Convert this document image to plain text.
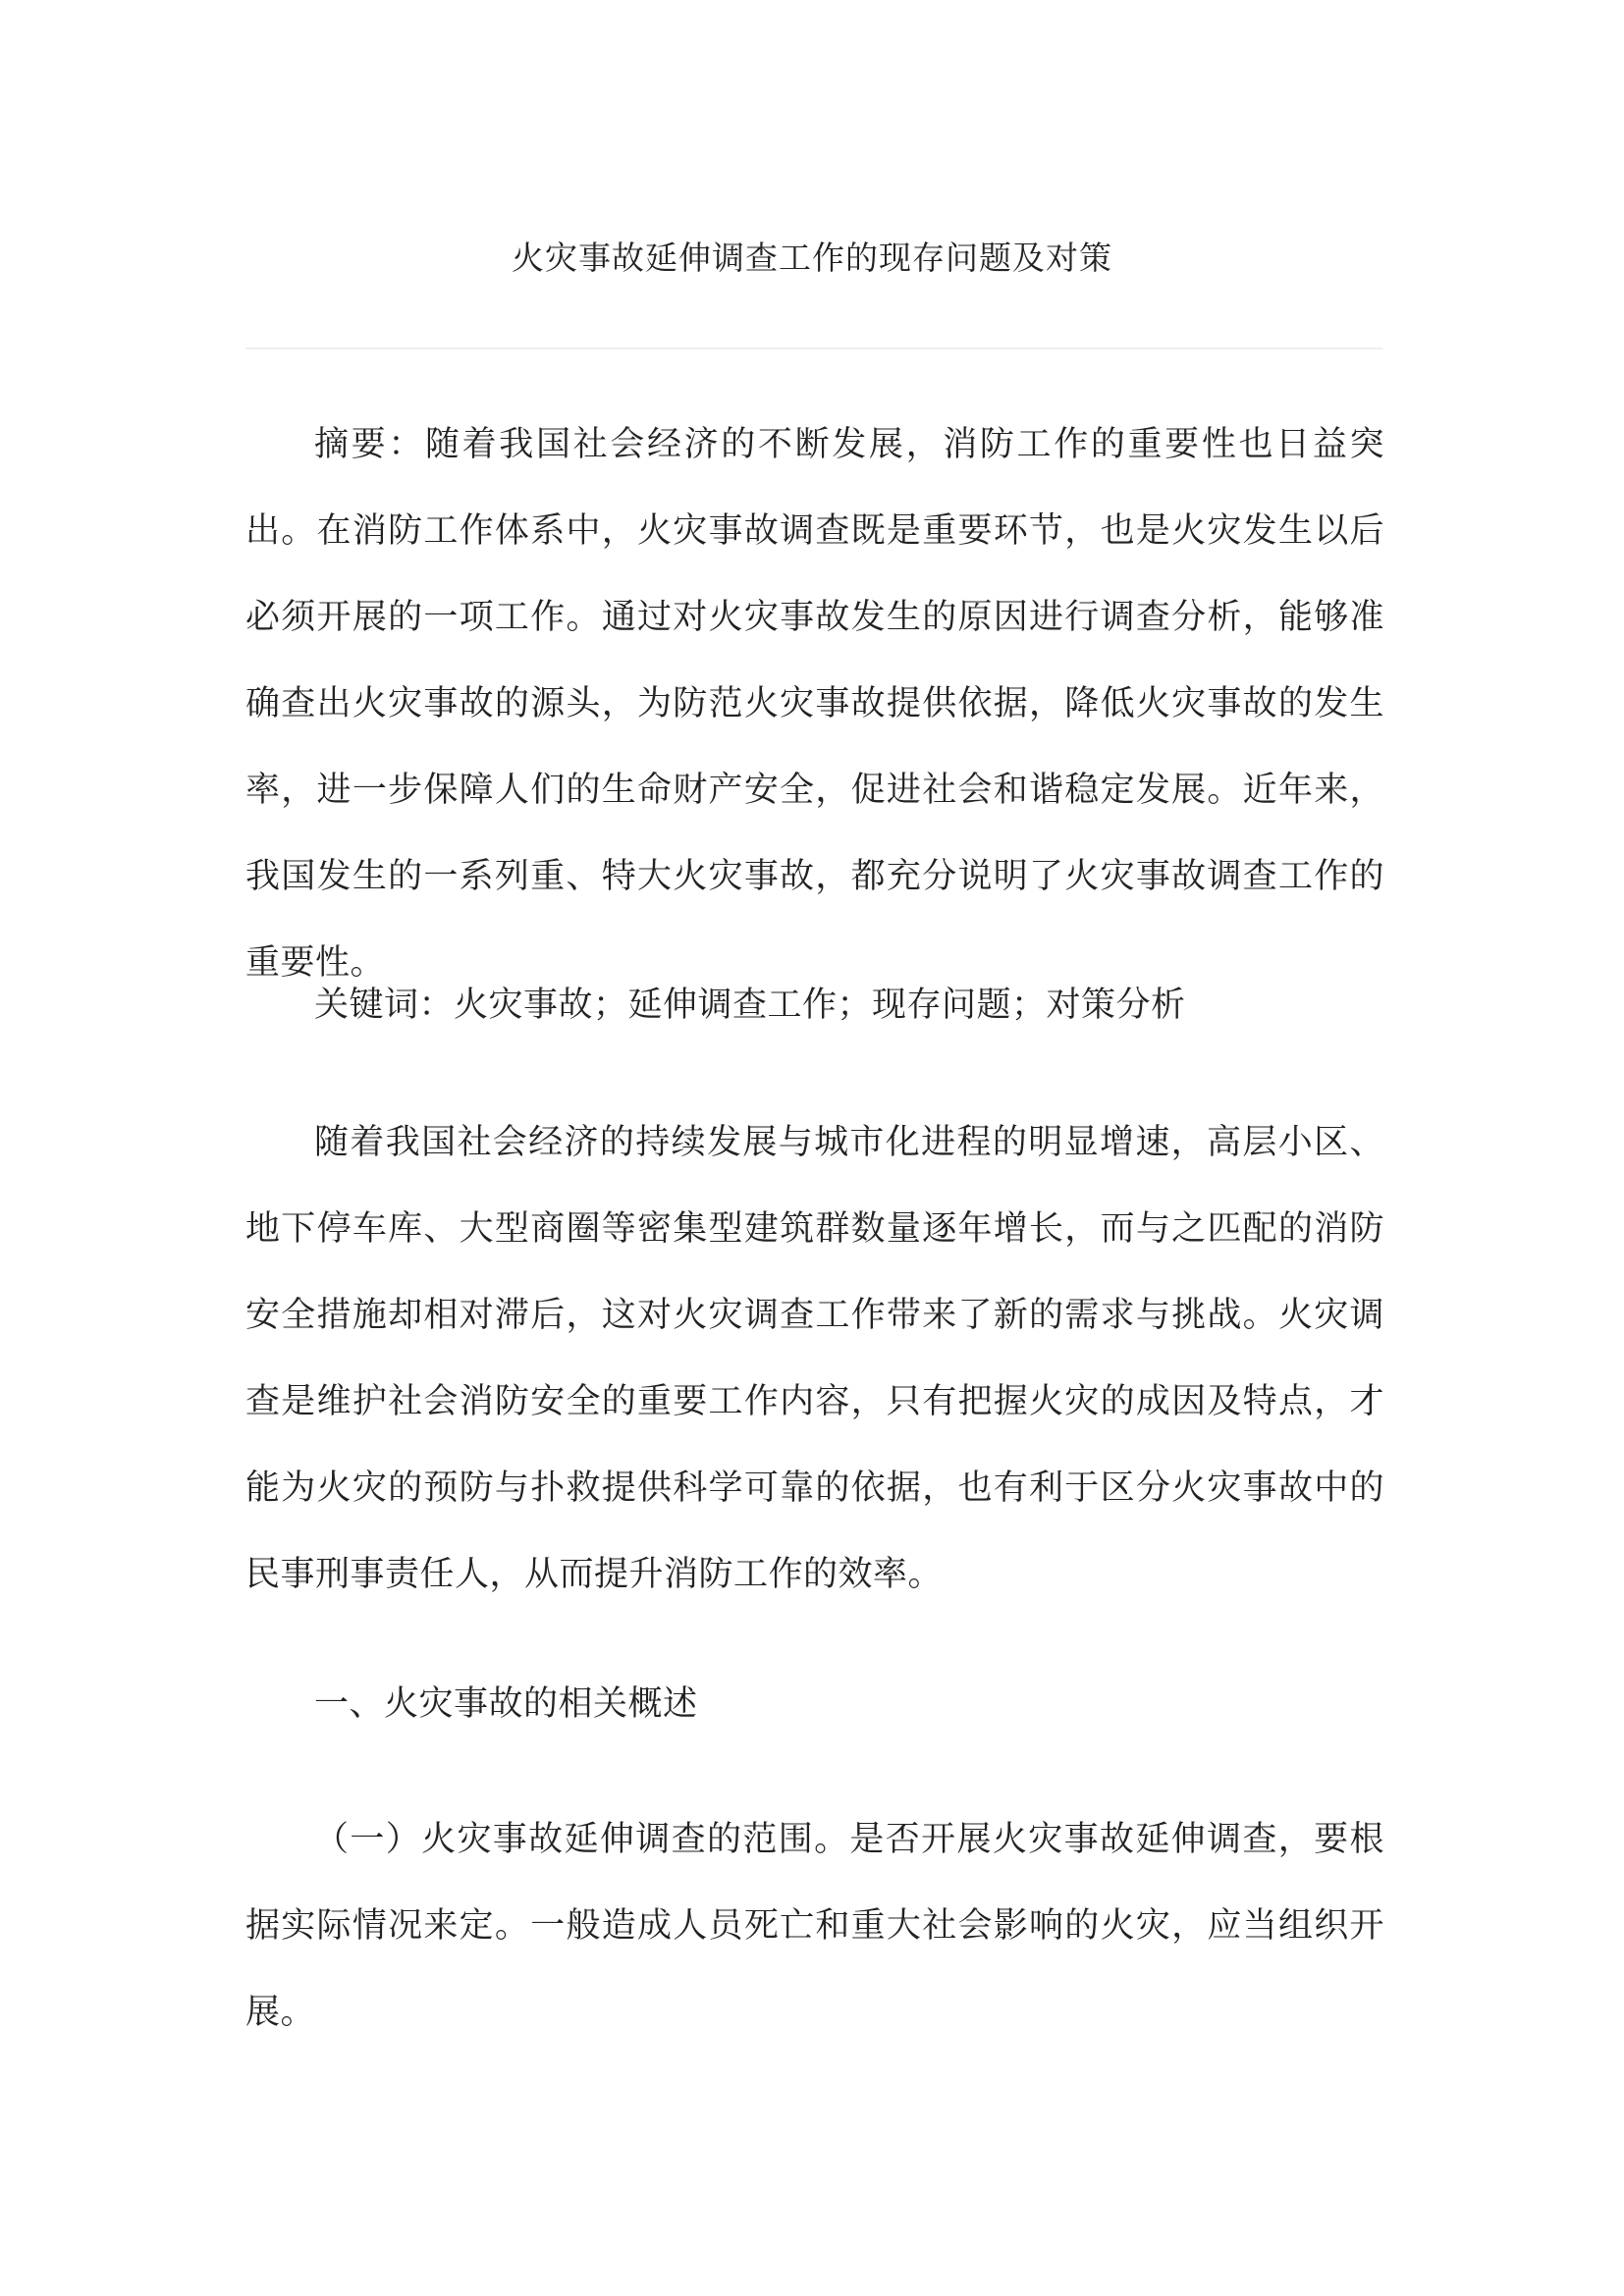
火灾事故延伸调查工作的现存问题及对策

摘要：随着我国社会经济的不断发展，消防工作的重要性也日益突出。在消防工作体系中，火灾事故调查既是重要环节，也是火灾发生以后必须开展的一项工作。通过对火灾事故发生的原因进行调查分析，能够准确查出火灾事故的源头，为防范火灾事故提供依据，降低火灾事故的发生率，进一步保障人们的生命财产安全，促进社会和谐稳定发展。近年来，我国发生的一系列重、特大火灾事故，都充分说明了火灾事故调查工作的重要性。

关键词：火灾事故；延伸调查工作；现存问题；对策分析

随着我国社会经济的持续发展与城市化进程的明显增速，高层小区、地下停车库、大型商圈等密集型建筑群数量逐年增长，而与之匹配的消防安全措施却相对滞后，这对火灾调查工作带来了新的需求与挑战。火灾调查是维护社会消防安全的重要工作内容，只有把握火灾的成因及特点，才能为火灾的预防与扑救提供科学可靠的依据，也有利于区分火灾事故中的民事刑事责任人，从而提升消防工作的效率。

一、火灾事故的相关概述

（一）火灾事故延伸调查的范围。是否开展火灾事故延伸调查，要根据实际情况来定。一般造成人员死亡和重大社会影响的火灾，应当组织开展。
